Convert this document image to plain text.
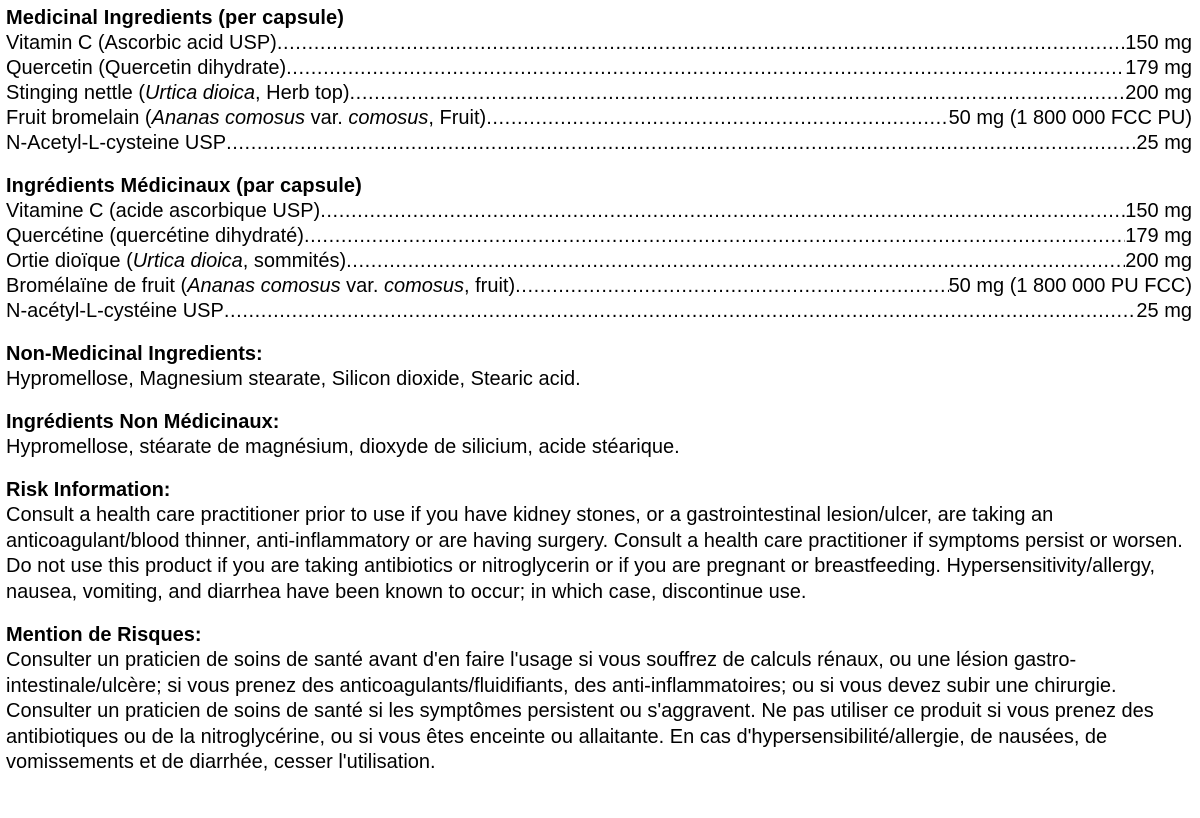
Medicinal Ingredients (per capsule)
Vitamin C (Ascorbic acid USP) .....	150 mg
Quercetin (Quercetin dihydrate) .....	179 mg
Stinging nettle (Urtica dioica, Herb top) .....	200 mg
Fruit bromelain (Ananas comosus var. comosus, Fruit) .....	50 mg (1 800 000 FCC PU)
N-Acetyl-L-cysteine USP .....	25 mg
Ingrédients Médicinaux (par capsule)
Vitamine C (acide ascorbique USP) .....	150 mg
Quercétine (quercétine dihydraté) .....	179 mg
Ortie dioïque (Urtica dioica, sommités) .....	200 mg
Bromélaïne de fruit (Ananas comosus var. comosus, fruit) .....	50 mg (1 800 000 PU FCC)
N-acétyl-L-cystéine USP .....	25 mg
Non-Medicinal Ingredients:

Hypromellose, Magnesium stearate, Silicon dioxide, Stearic acid.

Ingrédients Non Médicinaux:

Hypromellose, stéarate de magnésium, dioxyde de silicium, acide stéarique.

Risk Information:

Consult a health care practitioner prior to use if you have kidney stones, or a gastrointestinal lesion/ulcer, are taking an anticoagulant/blood thinner, anti-inflammatory or are having surgery. Consult a health care practitioner if symptoms persist or worsen. Do not use this product if you are taking antibiotics or nitroglycerin or if you are pregnant or breastfeeding. Hypersensitivity/allergy, nausea, vomiting, and diarrhea have been known to occur; in which case, discontinue use.

Mention de Risques:

Consulter un praticien de soins de santé avant d'en faire l'usage si vous souffrez de calculs rénaux, ou une lésion gastro-intestinale/ulcère; si vous prenez des anticoagulants/fluidifiants, des anti-inflammatoires; ou si vous devez subir une chirurgie. Consulter un praticien de soins de santé si les symptômes persistent ou s'aggravent. Ne pas utiliser ce produit si vous prenez des antibiotiques ou de la nitroglycérine, ou si vous êtes enceinte ou allaitante. En cas d'hypersensibilité/allergie, de nausées, de vomissements et de diarrhée, cesser l'utilisation.
